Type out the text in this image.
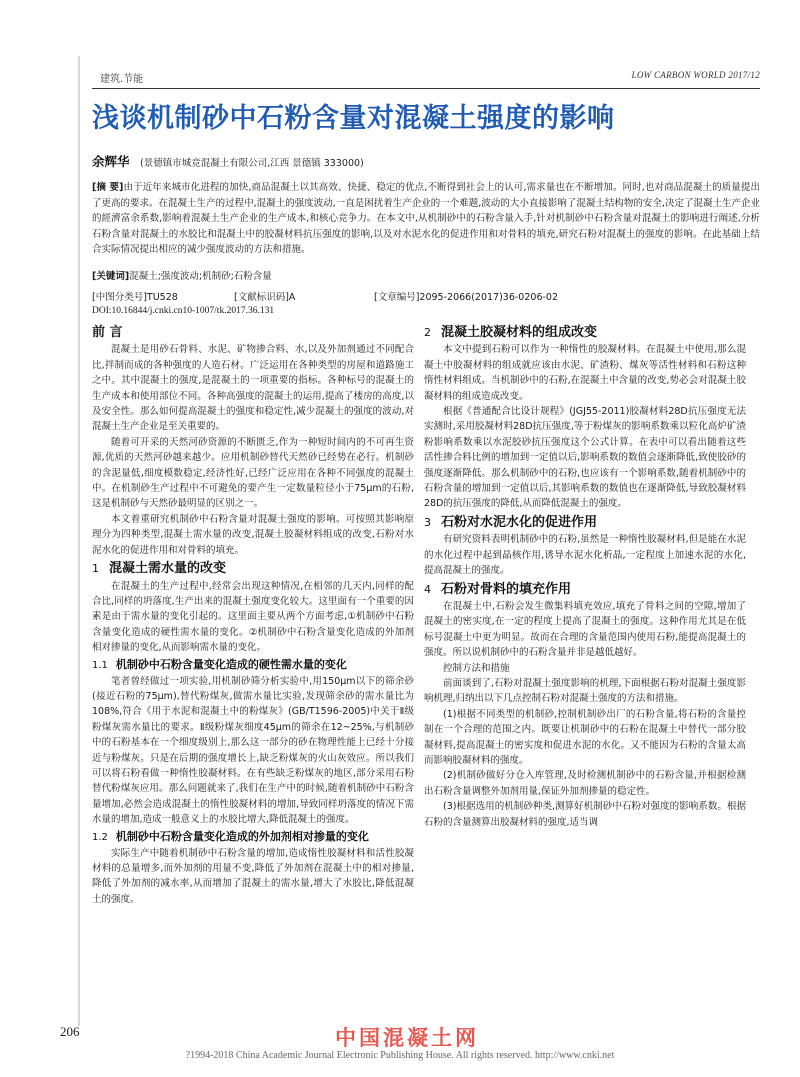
建筑.节能	LOW CARBON WORLD 2017/12
浅谈机制砂中石粉含量对混凝土强度的影响
余辉华 (景德镇市城竞混凝土有限公司,江西 景德镇 333000)
[摘 要]由于近年来城市化进程的加快,商品混凝土以其高效、快捷、稳定的优点,不断得到社会上的认可,需求量也在不断增加。同时,也对商品混凝土的质量提出了更高的要求。在混凝土生产的过程中,混凝土的强度波动,一直是困扰着生产企业的一个难题,波动的大小直接影响了混凝土结构物的安全,决定了混凝土生产企业的經濟富余系数,影响着混凝土生产企业的生产成本,和核心竞争力。在本文中,从机制砂中的石粉含量入手,针对机制砂中石粉含量对混凝土的影响进行阐述,分析石粉含量对混凝土的水胶比和混凝土中的胶凝材料抗压强度的影响,以及对水泥水化的促进作用和对骨料的填充,研究石粉对混凝土的强度的影响。在此基础上结合实际情况提出相应的减少强度波动的方法和措施。
[关键词]混凝土;强度波动;机制砂;石粉含量
[中图分类号]TU528	[文献标识码]A	[文章编号]2095-2066(2017)36-0206-02
DOI:10.16844/j.cnki.cn10-1007/tk.2017.36.131
前 言

混凝土是用砂石骨料、水泥、矿物掺合料、水,以及外加剂通过不同配合比,拌制而成的各种强度的人造石材。广泛运用在各种类型的房屋和道路施工之中。其中混凝土的强度,是混凝土的一项重要的指标。各种标号的混凝土的生产成本和使用部位不同。各种高强度的混凝土的运用,提高了楼房的高度,以及安全性。那么如何提高混凝土的强度和稳定性,减少混凝土的强度的波动,对混凝土生产企业是至关重要的。

随着可开采的天然河砂资源的不断匮乏,作为一种短时间内的不可再生资源,优质的天然河砂越来越少。应用机制砂替代天然砂已经势在必行。机制砂的含泥量低,细度模数稳定,经济性好,已经广泛应用在各种不同强度的混凝土中。在机制砂生产过程中不可避免的要产生一定数量粒径小于75μm的石粉,这是机制砂与天然砂最明显的区别之一。

本文着重研究机制砂中石粉含量对混凝土强度的影响。可按照其影响原理分为四种类型,混凝土需水量的改变,混凝土胶凝材料组成的改变,石粉对水泥水化的促进作用和对骨料的填充。

1 混凝土需水量的改变

在混凝土的生产过程中,经常会出现这种情况,在相邻的几天内,同样的配合比,同样的坍落度,生产出来的混凝土强度变化较大。这里面有一个重要的因素是由于需水量的变化引起的。这里面主要从两个方面考虑,①机制砂中石粉含量变化造成的硬性需水量的变化。②机制砂中石粉含量变化造成的外加剂相对掺量的变化,从而影响需水量的变化。

1.1 机制砂中石粉含量变化造成的硬性需水量的变化

笔者曾经做过一项实验,用机制砂筛分析实验中,用150μm以下的筛余砂(接近石粉的75μm),替代粉煤灰,做需水量比实验,发现筛余砂的需水量比为108%,符合《用于水泥和混凝土中的粉煤灰》(GB/T1596-2005)中关于Ⅱ级粉煤灰需水量比的要求。Ⅱ级粉煤灰细度45μm的筛余在12~25%,与机制砂中的石粉基本在一个细度级别上,那么这一部分的砂在物理性能上已经十分接近与粉煤灰。只是在后期的强度增长上,缺乏粉煤灰的火山灰效应。所以我们可以将石粉看做一种惰性胶凝材料。在有些缺乏粉煤灰的地区,部分采用石粉替代粉煤灰应用。那么问题就来了,我们在生产中的时候,随着机制砂中石粉含量增加,必然会造成混凝土的惰性胶凝材料的增加,导致同样坍落度的情况下需水量的增加,造成一般意义上的水胶比增大,降低混凝土的强度。

1.2 机制砂中石粉含量变化造成的外加剂相对掺量的变化

实际生产中随着机制砂中石粉含量的增加,造成惰性胶凝材料和活性胶凝材料的总量增多,而外加剂的用量不变,降低了外加剂在混凝土中的相对掺量,降低了外加剂的减水率,从而增加了混凝土的需水量,增大了水胶比,降低混凝土的强度。

2 混凝土胶凝材料的组成改变

本文中提到石粉可以作为一种惰性的胶凝材料。在混凝土中使用,那么混凝土中胶凝材料的组成就应该由水泥、矿渣粉、煤灰等活性材料和石粉这种惰性材料组成。当机制砂中的石粉,在混凝土中含量的改变,势必会对混凝土胶凝材料的组成造成改变。

根据《普通配合比设计规程》(JGJ55-2011)胶凝材料28D抗压强度无法实测时,采用胶凝材料28D抗压强度,等于粉煤灰的影响系数乘以粒化高炉矿渣粉影响系数乘以水泥胶砂抗压强度这个公式计算。在表中可以看出随着这些活性掺合料比例的增加到一定值以后,影响系数的数值会逐渐降低,致使胶砂的强度逐渐降低。那么机制砂中的石粉,也应该有一个影响系数,随着机制砂中的石粉含量的增加到一定值以后,其影响系数的数值也在逐渐降低,导致胶凝材料28D的抗压强度的降低,从而降低混凝土的强度。

3 石粉对水泥水化的促进作用

有研究资料表明机制砂中的石粉,虽然是一种惰性胶凝材料,但是能在水泥的水化过程中起到晶核作用,诱导水泥水化析晶,一定程度上加速水泥的水化,提高混凝土的强度。

4 石粉对骨料的填充作用

在混凝土中,石粉会发生微集料填充效应,填充了骨料之间的空隙,增加了混凝土的密实度,在一定的程度上提高了混凝土的强度。这种作用尤其是在低标号混凝土中更为明显。故而在合理的含量范围内使用石粉,能提高混凝土的强度。所以说机制砂中的石粉含量并非是越低越好。

控制方法和措施

前面谈到了,石粉对混凝土强度影响的机理,下面根据石粉对混凝土强度影响机理,归纳出以下几点控制石粉对混凝土强度的方法和措施。

(1)根据不同类型的机制砂,控制机制砂出厂的石粉含量,将石粉的含量控制在一个合理的范围之内。既要让机制砂中的石粉在混凝土中替代一部分胶凝材料,提高混凝土的密实度和促进水泥的水化。又不能因为石粉的含量太高而影响胶凝材料的强度。

(2)机制砂做好分仓入库管理,及时检测机制砂中的石粉含量,并根据检测出石粉含量调整外加剂用量,保证外加剂掺量的稳定性。

(3)根据选用的机制砂种类,测算好机制砂中石粉对强度的影响系数。根据石粉的含量测算出胶凝材料的强度,适当调

206	中国混凝土网
?1994-2018 China Academic Journal Electronic Publishing House. All rights reserved. http://www.cnki.net
